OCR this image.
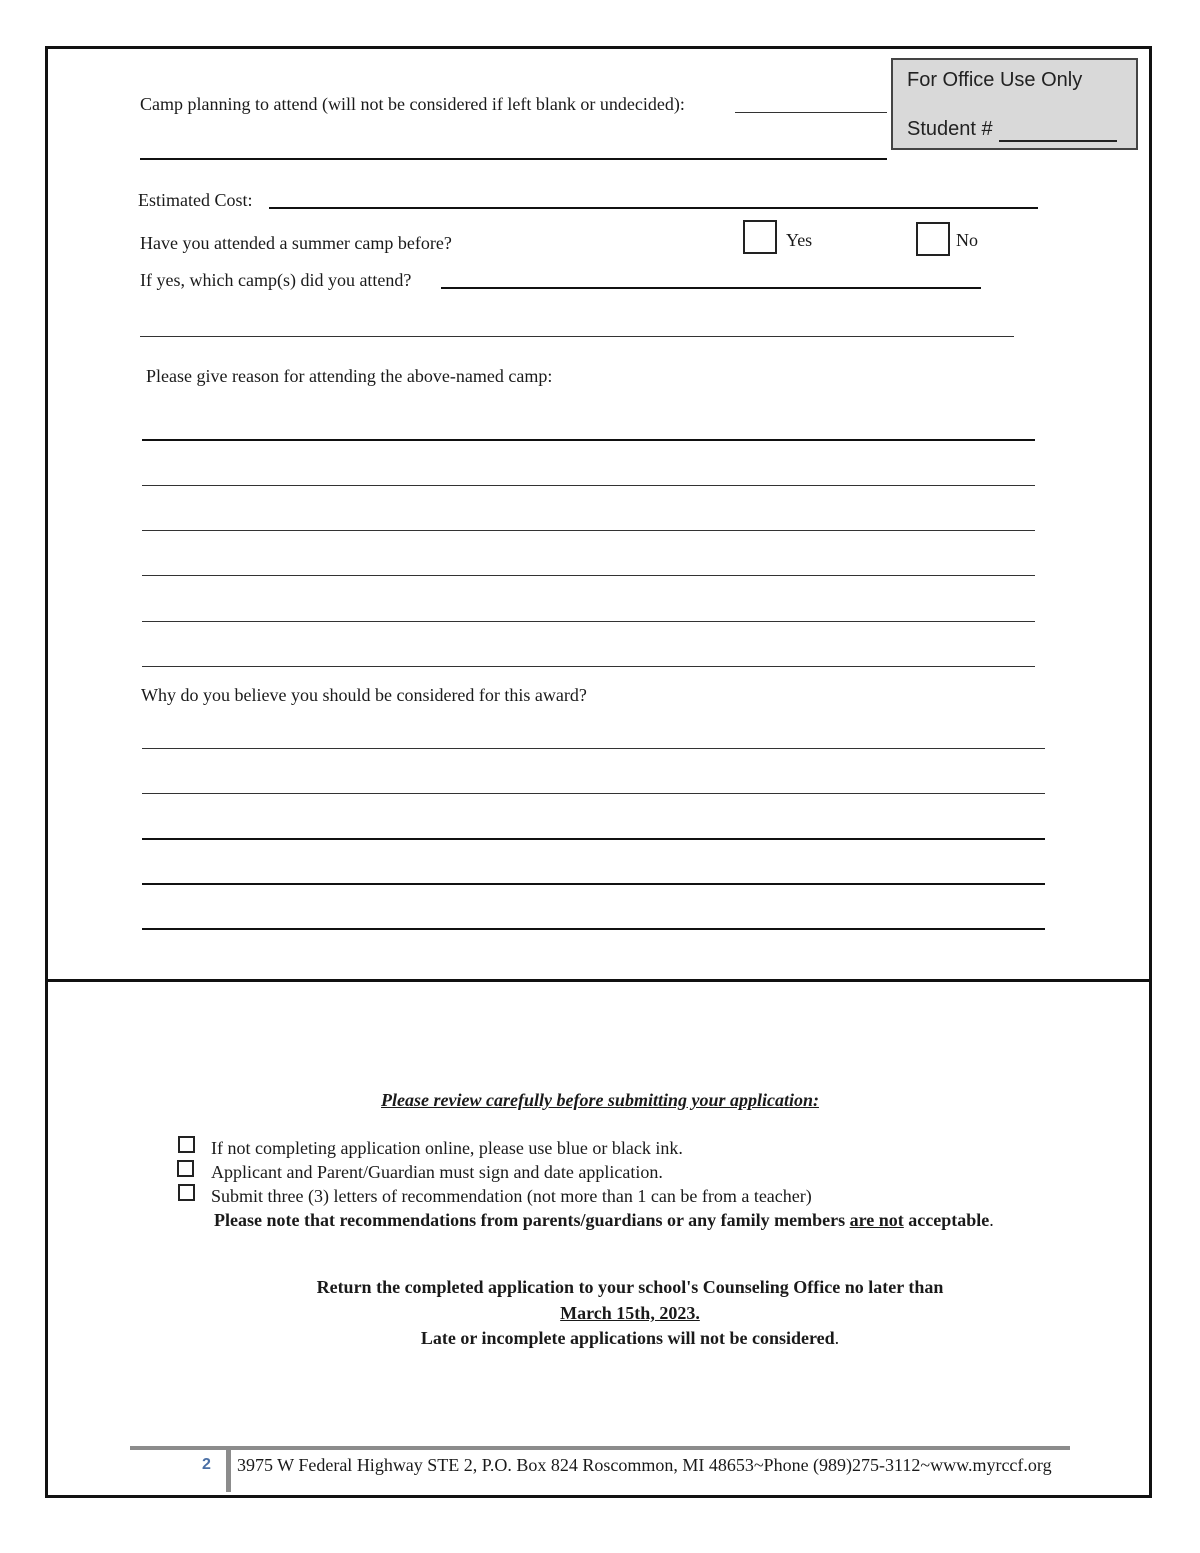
For Office Use Only
Student #
Camp planning to attend (will not be considered if left blank or undecided):
Estimated Cost:
Have you attended a summer camp before?	Yes	No
If yes, which camp(s) did you attend?
Please give reason for attending the above-named camp:
Why do you believe you should be considered for this award?
Please review carefully before submitting your application:
If not completing application online, please use blue or black ink.
Applicant and Parent/Guardian must sign and date application.
Submit three (3) letters of recommendation (not more than 1 can be from a teacher)
Please note that recommendations from parents/guardians or any family members are not acceptable.
Return the completed application to your school's Counseling Office no later than
March 15th, 2023.
Late or incomplete applications will not be considered.
2 3975 W Federal Highway STE 2, P.O. Box 824 Roscommon, MI 48653~Phone (989)275-3112~www.myrccf.org
